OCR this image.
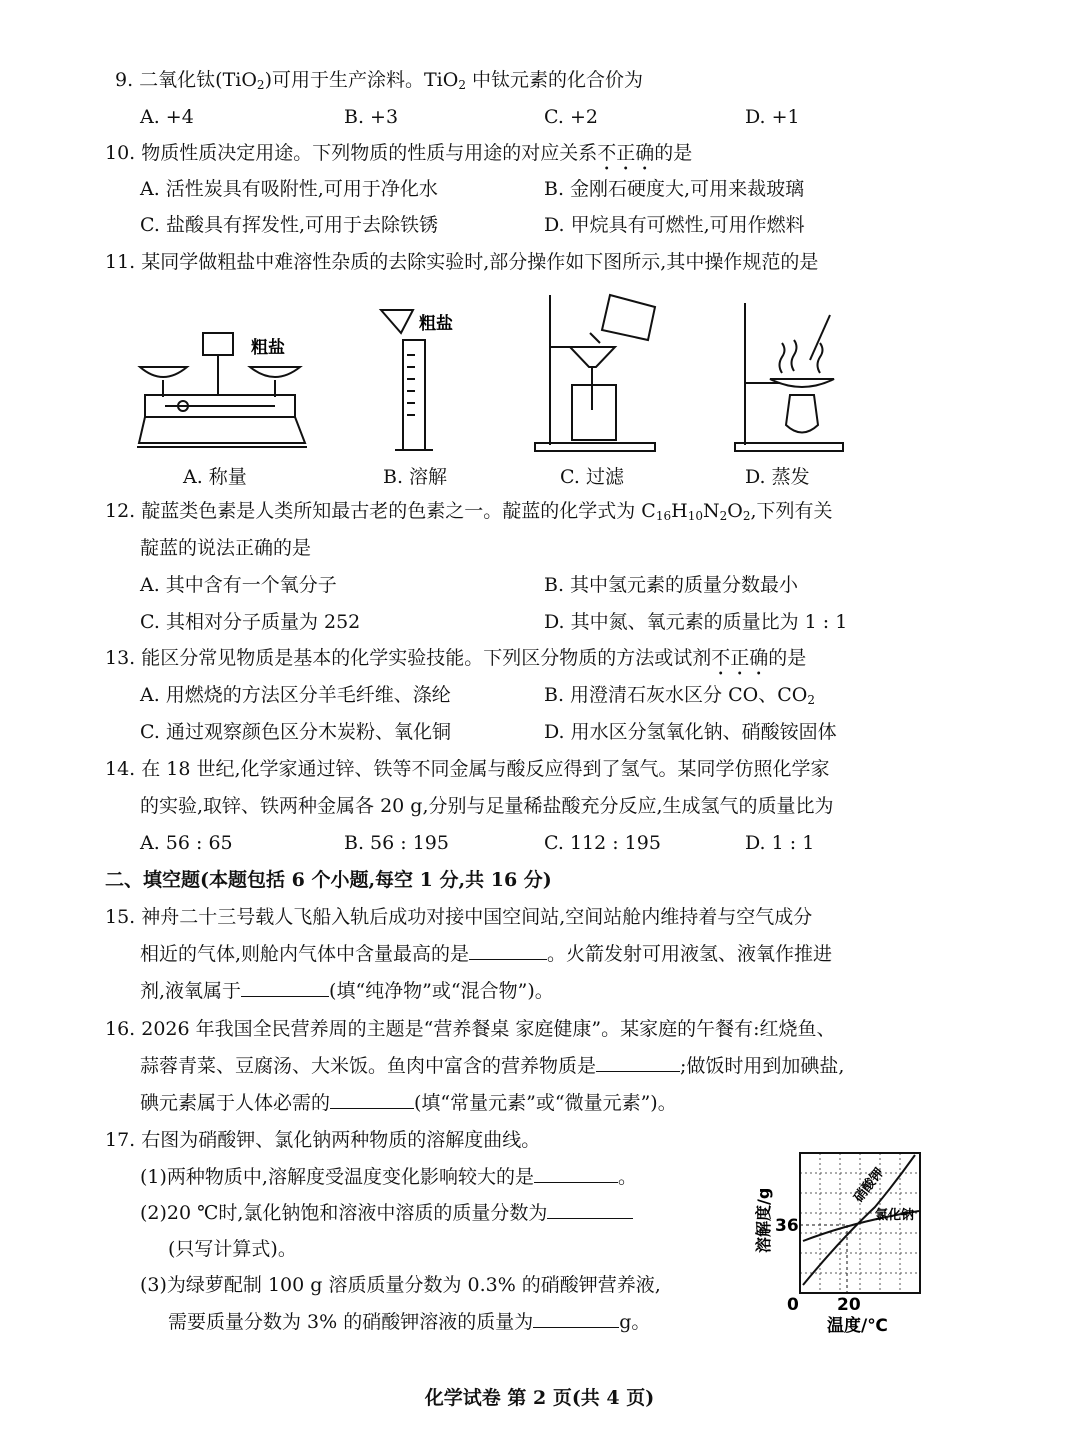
9. 二氧化钛(TiO$_2$)可用于生产涂料。TiO$_2$ 中钛元素的化合价为
A. +4	B. +3	C. +2	D. +1
10. 物质性质决定用途。下列物质的性质与用途的对应关系不正确的是
A. 活性炭具有吸附性,可用于净化水	B. 金刚石硬度大,可用来裁玻璃
C. 盐酸具有挥发性,可用于去除铁锈	D. 甲烷具有可燃性,可用作燃料
11. 某同学做粗盐中难溶性杂质的去除实验时,部分操作如下图所示,其中操作规范的是
粗盐
粗盐
A. 称量	B. 溶解	C. 过滤	D. 蒸发
12. 靛蓝类色素是人类所知最古老的色素之一。靛蓝的化学式为 $C_{16}H_{10}N_2O_2$,下列有关
靛蓝的说法正确的是
A. 其中含有一个氧分子	B. 其中氢元素的质量分数最小
C. 其相对分子质量为 252	D. 其中氮、氧元素的质量比为 1 : 1
13. 能区分常见物质是基本的化学实验技能。下列区分物质的方法或试剂不正确的是
A. 用燃烧的方法区分羊毛纤维、涤纶	B. 用澄清石灰水区分 CO、$CO_2$
C. 通过观察颜色区分木炭粉、氧化铜	D. 用水区分氢氧化钠、硝酸铵固体
14. 在 18 世纪,化学家通过锌、铁等不同金属与酸反应得到了氢气。某同学仿照化学家
的实验,取锌、铁两种金属各 20 g,分别与足量稀盐酸充分反应,生成氢气的质量比为
A. 56 : 65	B. 56 : 195	C. 112 : 195	D. 1 : 1
二、填空题(本题包括 6 个小题,每空 1 分,共 16 分)
15. 神舟二十三号载人飞船入轨后成功对接中国空间站,空间站舱内维持着与空气成分
相近的气体,则舱内气体中含量最高的是	。火箭发射可用液氢、液氧作推进
剂,液氧属于	(填“纯净物”或“混合物”)。
16. 2026 年我国全民营养周的主题是“营养餐桌 家庭健康”。某家庭的午餐有:红烧鱼、
蒜蓉青菜、豆腐汤、大米饭。鱼肉中富含的营养物质是	;做饭时用到加碘盐,
碘元素属于人体必需的	(填“常量元素”或“微量元素”)。
17. 右图为硝酸钾、氯化钠两种物质的溶解度曲线。
(1)两种物质中,溶解度受温度变化影响较大的是	。
(2)20 ℃时,氯化钠饱和溶液中溶质的质量分数为
(只写计算式)。
(3)为绿萝配制 100 g 溶质质量分数为 0.3% 的硝酸钾营养液,
需要质量分数为 3% 的硝酸钾溶液的质量为	g。
硝酸钾
氯化钠
36
0 20
温度/℃
溶解度/g
化学试卷 第 2 页(共 4 页)
